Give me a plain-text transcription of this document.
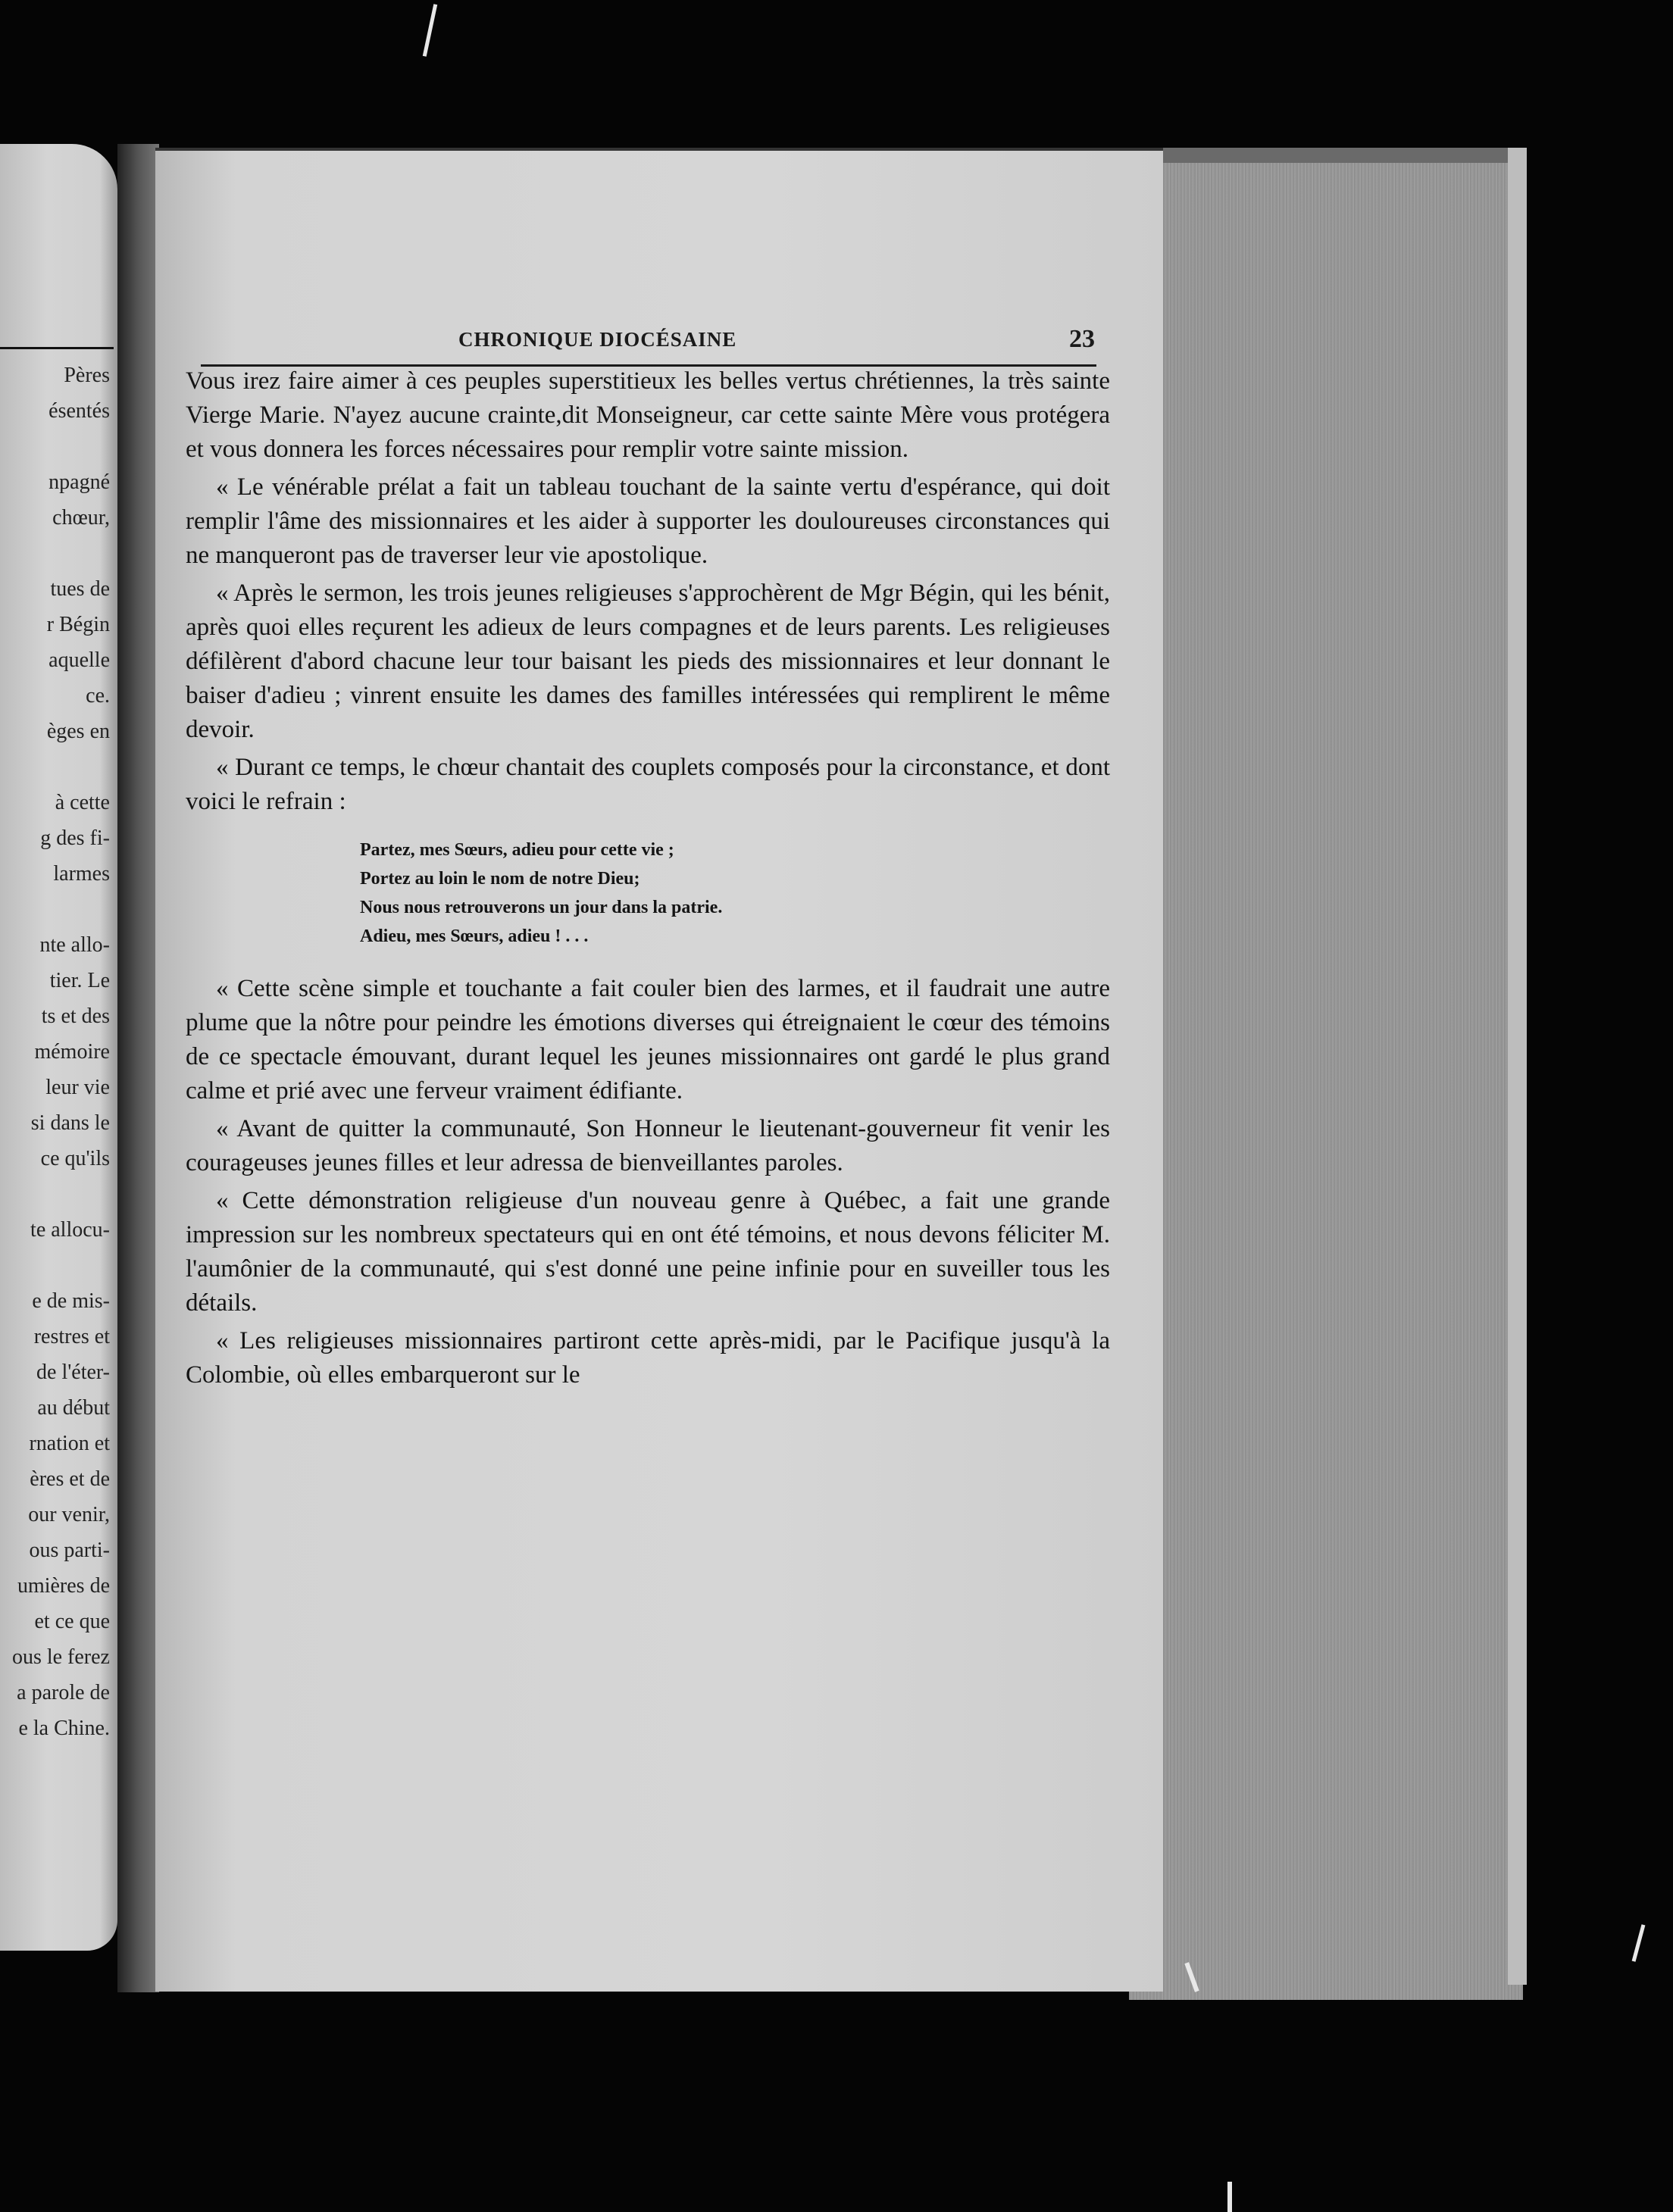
Pères
ésentés
npagné
chœur,
tues de
r Bégin
aquelle
ce.
èges en
à cette
g des fi-
larmes
nte allo-
tier. Le
ts et des
mémoire
leur vie
si dans le
ce qu'ils
te allocu-
e de mis-
restres et
de l'éter-
au début
rnation et
ères et de
our venir,
ous parti-
umières de
et ce que
ous le ferez
a parole de
e la Chine.
CHRONIQUE DIOCÉSAINE	23

Vous irez faire aimer à ces peuples superstitieux les belles vertus chrétiennes, la très sainte Vierge Marie. N'ayez aucune crainte,dit Monseigneur, car cette sainte Mère vous protégera et vous donnera les forces nécessaires pour remplir votre sainte mission.

« Le vénérable prélat a fait un tableau touchant de la sainte vertu d'espérance, qui doit remplir l'âme des missionnaires et les aider à supporter les douloureuses circonstances qui ne manqueront pas de traverser leur vie apostolique.

« Après le sermon, les trois jeunes religieuses s'approchèrent de Mgr Bégin, qui les bénit, après quoi elles reçurent les adieux de leurs compagnes et de leurs parents. Les religieuses défilèrent d'abord chacune leur tour baisant les pieds des missionnaires et leur donnant le baiser d'adieu ; vinrent ensuite les dames des familles intéressées qui remplirent le même devoir.

« Durant ce temps, le chœur chantait des couplets composés pour la circonstance, et dont voici le refrain :

Partez, mes Sœurs, adieu pour cette vie ;
Portez au loin le nom de notre Dieu;
Nous nous retrouverons un jour dans la patrie.
Adieu, mes Sœurs, adieu ! . . .

« Cette scène simple et touchante a fait couler bien des larmes, et il faudrait une autre plume que la nôtre pour peindre les émotions diverses qui étreignaient le cœur des témoins de ce spectacle émouvant, durant lequel les jeunes missionnaires ont gardé le plus grand calme et prié avec une ferveur vraiment édifiante.

« Avant de quitter la communauté, Son Honneur le lieutenant-gouverneur fit venir les courageuses jeunes filles et leur adressa de bienveillantes paroles.

« Cette démonstration religieuse d'un nouveau genre à Québec, a fait une grande impression sur les nombreux spectateurs qui en ont été témoins, et nous devons féliciter M. l'aumônier de la communauté, qui s'est donné une peine infinie pour en suveiller tous les détails.

« Les religieuses missionnaires partiront cette après-midi, par le Pacifique jusqu'à la Colombie, où elles embarqueront sur le
